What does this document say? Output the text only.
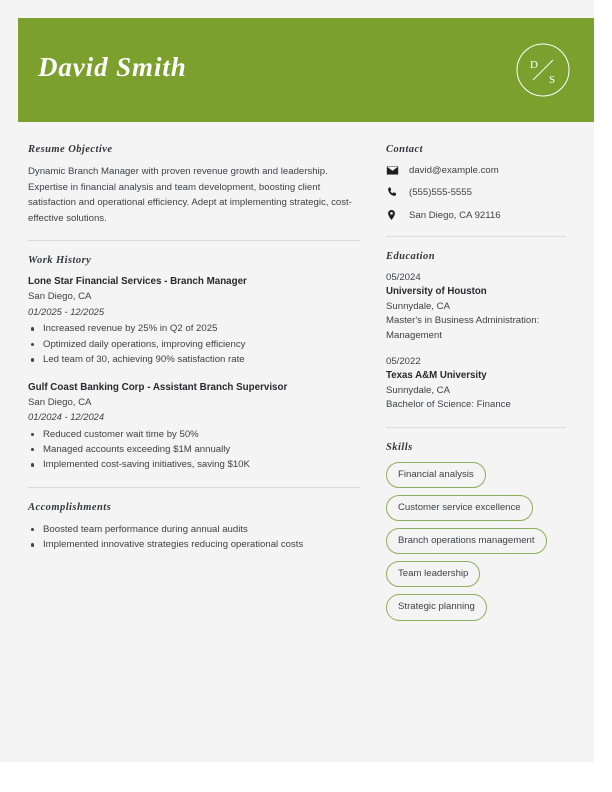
David Smith	D
S
Resume Objective

Dynamic Branch Manager with proven revenue growth and leadership. Expertise in financial analysis and team development, boosting client satisfaction and operational efficiency. Adept at implementing strategic, cost-effective solutions.

Work History
Lone Star Financial Services - Branch Manager
San Diego, CA
01/2025 - 12/2025
Increased revenue by 25% in Q2 of 2025
Optimized daily operations, improving efficiency
Led team of 30, achieving 90% satisfaction rate
Gulf Coast Banking Corp - Assistant Branch Supervisor
San Diego, CA
01/2024 - 12/2024
Reduced customer wait time by 50%
Managed accounts exceeding $1M annually
Implemented cost-saving initiatives, saving $10K
Accomplishments
Boosted team performance during annual audits
Implemented innovative strategies reducing operational costs
Contact
david@example.com
(555)555-5555
San Diego, CA 92116
Education
05/2024
University of Houston
Sunnydale, CA
Master's in Business Administration: Management
05/2022
Texas A&M University
Sunnydale, CA
Bachelor of Science: Finance
Skills
Financial analysis
Customer service excellence
Branch operations management
Team leadership
Strategic planning
